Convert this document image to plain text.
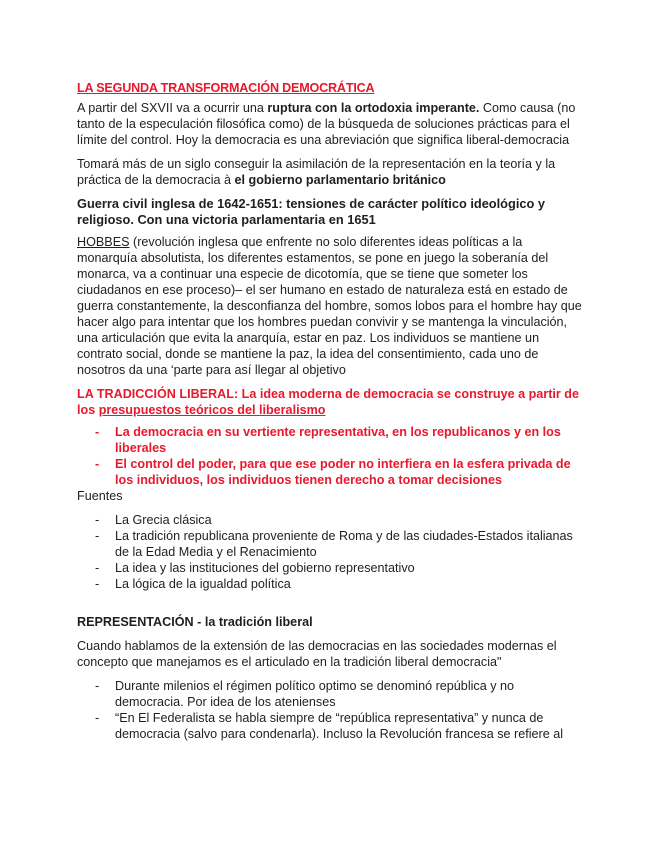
LA SEGUNDA TRANSFORMACIÓN DEMOCRÁTICA

A partir del SXVII va a ocurrir una ruptura con la ortodoxia imperante. Como causa (no tanto de la especulación filosófica como) de la búsqueda de soluciones prácticas para el límite del control. Hoy la democracia es una abreviación que significa liberal-democracia

Tomará más de un siglo conseguir la asimilación de la representación en la teoría y la práctica de la democracia à el gobierno parlamentario británico

Guerra civil inglesa de 1642-1651: tensiones de carácter político ideológico y religioso. Con una victoria parlamentaria en 1651

HOBBES (revolución inglesa que enfrente no solo diferentes ideas políticas a la monarquía absolutista, los diferentes estamentos, se pone en juego la soberanía del monarca, va a continuar una especie de dicotomía, que se tiene que someter los ciudadanos en ese proceso)– el ser humano en estado de naturaleza está en estado de guerra constantemente, la desconfianza del hombre, somos lobos para el hombre hay que hacer algo para intentar que los hombres puedan convivir y se mantenga la vinculación, una articulación que evita la anarquía, estar en paz. Los individuos se mantiene un contrato social, donde se mantiene la paz, la idea del consentimiento, cada uno de nosotros da una ‘parte para así llegar al objetivo

LA TRADICCIÓN LIBERAL: La idea moderna de democracia se construye a partir de los presupuestos teóricos del liberalismo

- La democracia en su vertiente representativa, en los republicanos y en los liberales
- El control del poder, para que ese poder no interfiera en la esfera privada de los individuos, los individuos tienen derecho a tomar decisiones

Fuentes

- La Grecia clásica
- La tradición republicana proveniente de Roma y de las ciudades-Estados italianas de la Edad Media y el Renacimiento
- La idea y las instituciones del gobierno representativo
- La lógica de la igualdad política

REPRESENTACIÓN - la tradición liberal

Cuando hablamos de la extensión de las democracias en las sociedades modernas el concepto que manejamos es el articulado en la tradición liberal democracia"

- Durante milenios el régimen político optimo se denominó república y no democracia. Por idea de los atenienses
- “En El Federalista se habla siempre de “república representativa” y nunca de democracia (salvo para condenarla). Incluso la Revolución francesa se refiere al
